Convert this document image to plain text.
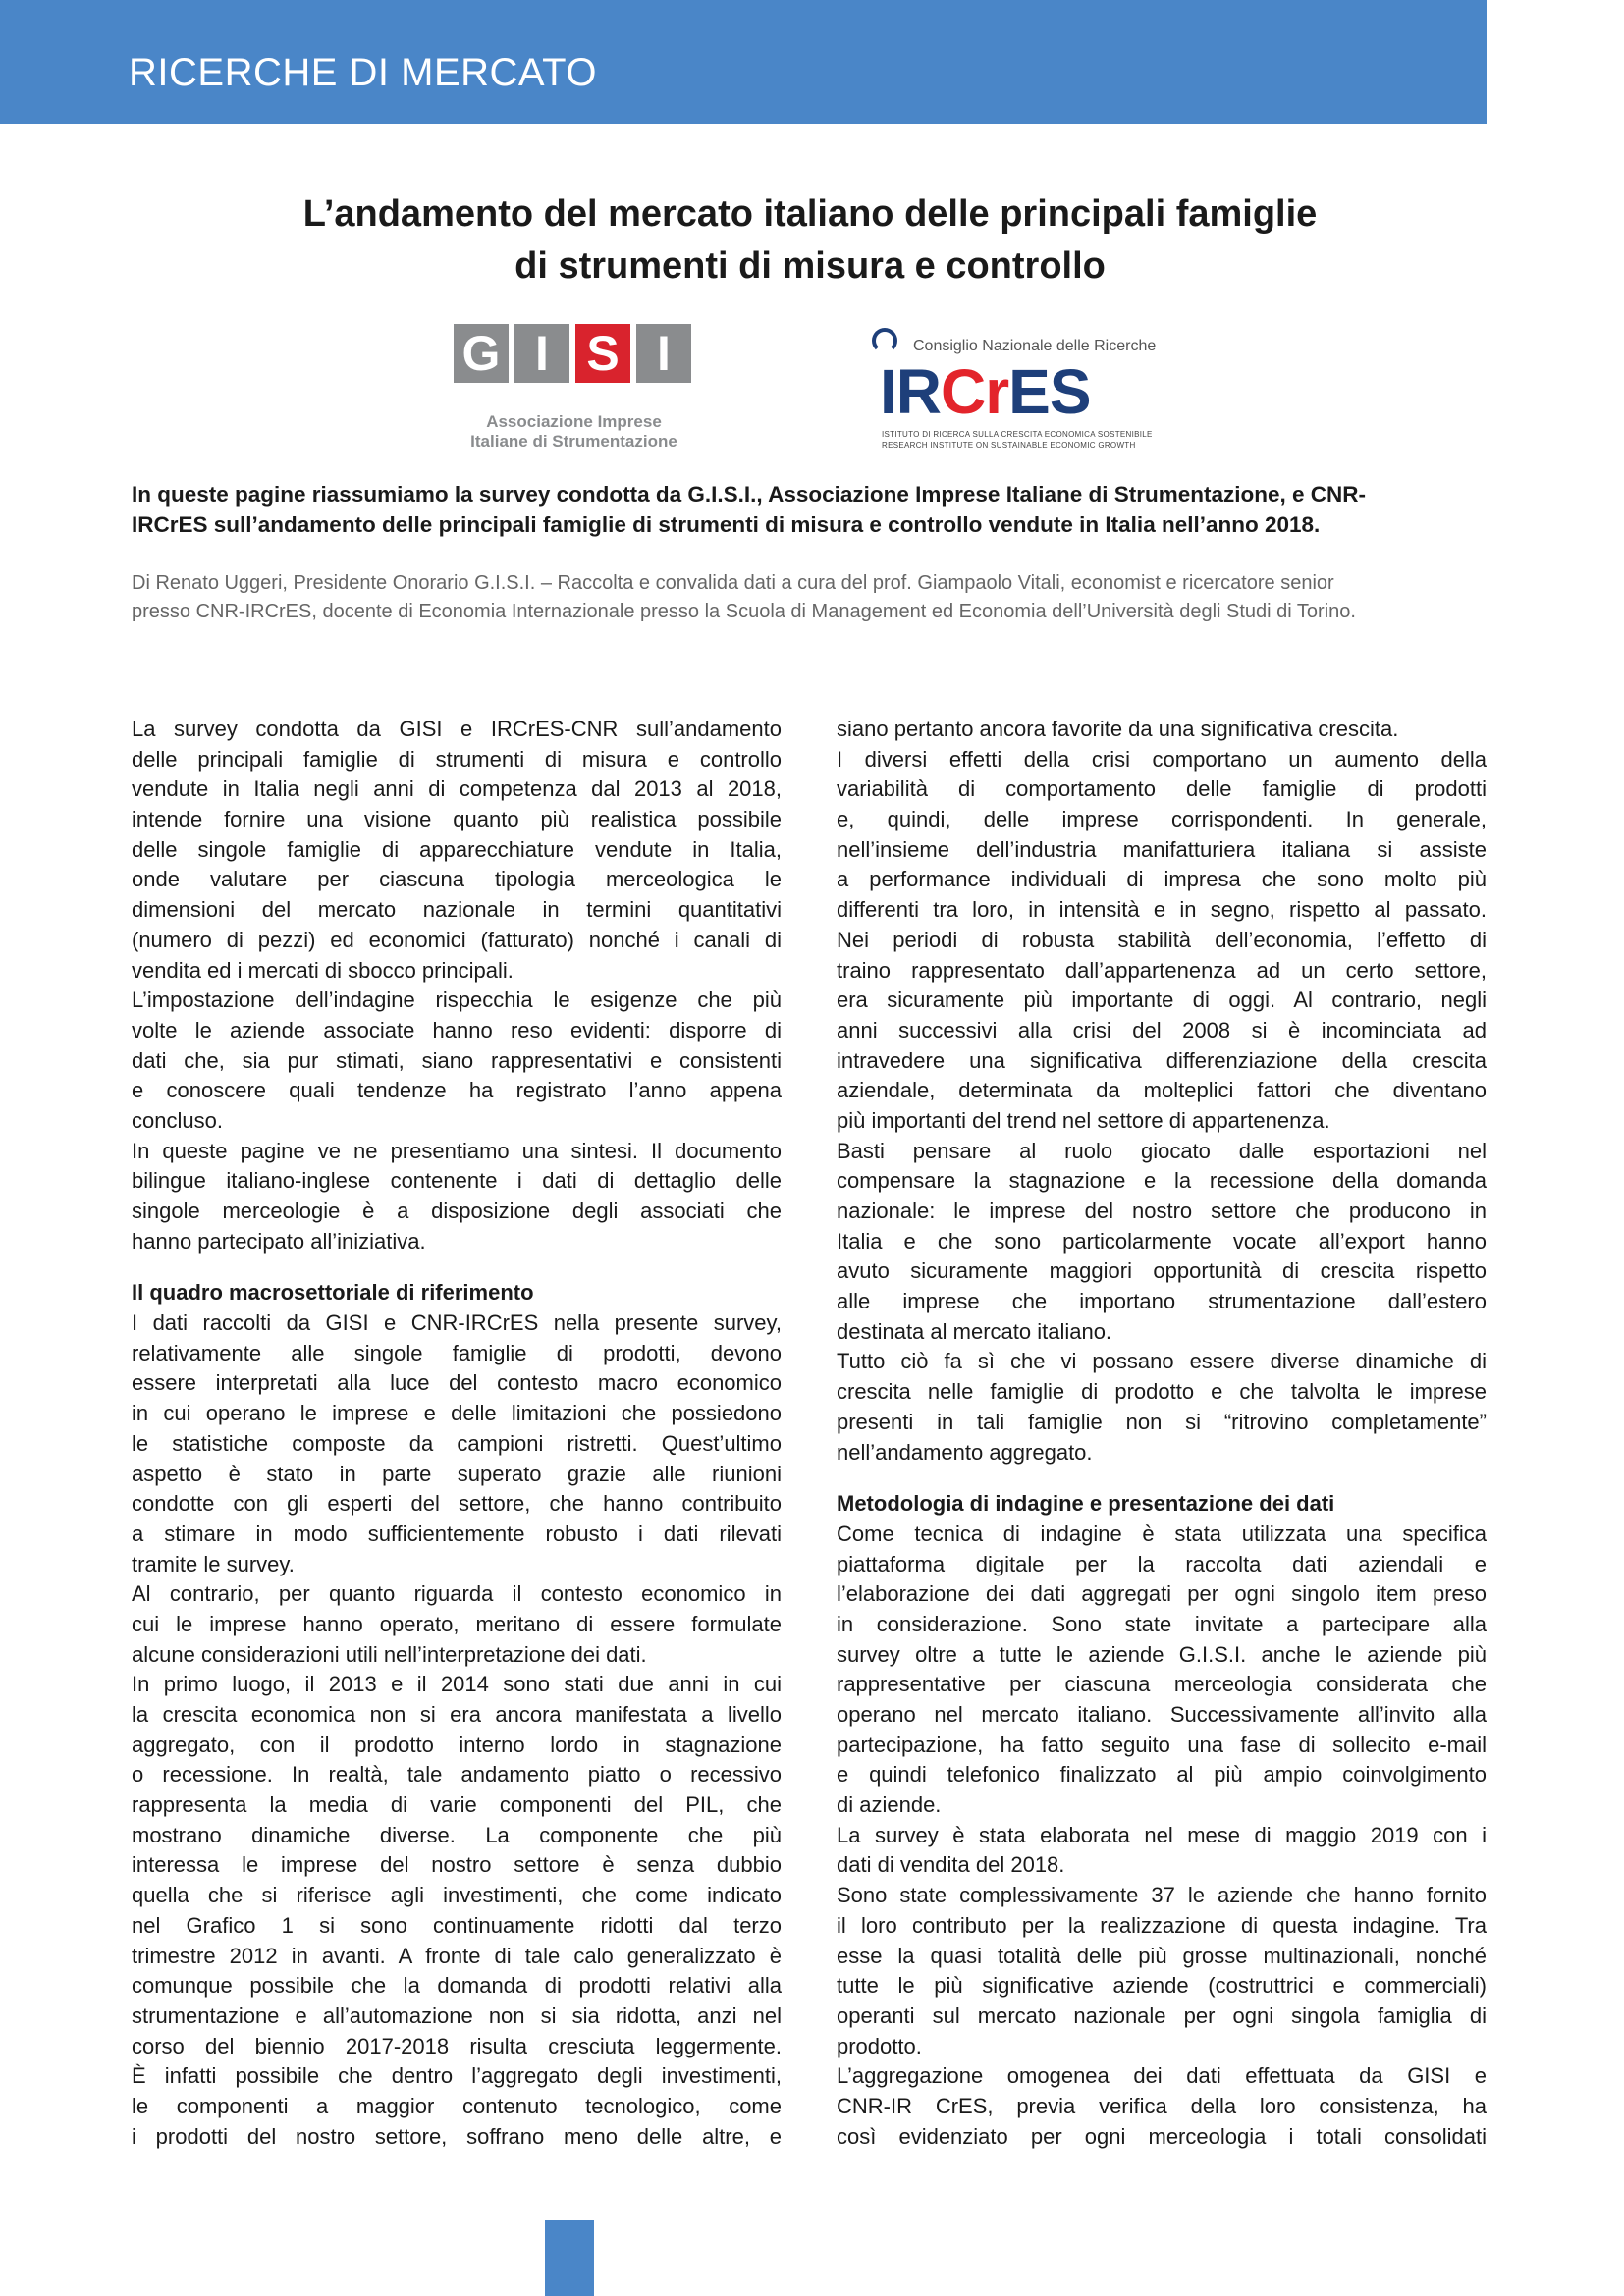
RICERCHE DI MERCATO
L’andamento del mercato italiano delle principali famiglie
di strumenti di misura e controllo
G I S I
Associazione Imprese
Italiane di Strumentazione
Consiglio Nazionale delle Ricerche
IRCrES
ISTITUTO DI RICERCA SULLA CRESCITA ECONOMICA SOSTENIBILE
RESEARCH INSTITUTE ON SUSTAINABLE ECONOMIC GROWTH
In queste pagine riassumiamo la survey condotta da G.I.S.I., Associazione Imprese Italiane di Strumentazione, e CNR-
IRCrES sull’andamento delle principali famiglie di strumenti di misura e controllo vendute in Italia nell’anno 2018.
Di Renato Uggeri, Presidente Onorario G.I.S.I. – Raccolta e convalida dati a cura del prof. Giampaolo Vitali, economist e ricercatore senior
presso CNR-IRCrES, docente di Economia Internazionale presso la Scuola di Management ed Economia dell’Università degli Studi di Torino.
La survey condotta da GISI e IRCrES-CNR sull’andamento
delle principali famiglie di strumenti di misura e controllo
vendute in Italia negli anni di competenza dal 2013 al 2018,
intende fornire una visione quanto più realistica possibile
delle singole famiglie di apparecchiature vendute in Italia,
onde valutare per ciascuna tipologia merceologica le
dimensioni del mercato nazionale in termini quantitativi
(numero di pezzi) ed economici (fatturato) nonché i canali di
vendita ed i mercati di sbocco principali.
L’impostazione dell’indagine rispecchia le esigenze che più
volte le aziende associate hanno reso evidenti: disporre di
dati che, sia pur stimati, siano rappresentativi e consistenti
e conoscere quali tendenze ha registrato l’anno appena
concluso.
In queste pagine ve ne presentiamo una sintesi. Il documento
bilingue italiano-inglese contenente i dati di dettaglio delle
singole merceologie è a disposizione degli associati che
hanno partecipato all’iniziativa.
Il quadro macrosettoriale di riferimento
I dati raccolti da GISI e CNR-IRCrES nella presente survey,
relativamente alle singole famiglie di prodotti, devono
essere interpretati alla luce del contesto macro economico
in cui operano le imprese e delle limitazioni che possiedono
le statistiche composte da campioni ristretti. Quest’ultimo
aspetto è stato in parte superato grazie alle riunioni
condotte con gli esperti del settore, che hanno contribuito
a stimare in modo sufficientemente robusto i dati rilevati
tramite le survey.
Al contrario, per quanto riguarda il contesto economico in
cui le imprese hanno operato, meritano di essere formulate
alcune considerazioni utili nell’interpretazione dei dati.
In primo luogo, il 2013 e il 2014 sono stati due anni in cui
la crescita economica non si era ancora manifestata a livello
aggregato, con il prodotto interno lordo in stagnazione
o recessione. In realtà, tale andamento piatto o recessivo
rappresenta la media di varie componenti del PIL, che
mostrano dinamiche diverse. La componente che più
interessa le imprese del nostro settore è senza dubbio
quella che si riferisce agli investimenti, che come indicato
nel Grafico 1 si sono continuamente ridotti dal terzo
trimestre 2012 in avanti. A fronte di tale calo generalizzato è
comunque possibile che la domanda di prodotti relativi alla
strumentazione e all’automazione non si sia ridotta, anzi nel
corso del biennio 2017-2018 risulta cresciuta leggermente.
È infatti possibile che dentro l’aggregato degli investimenti,
le componenti a maggior contenuto tecnologico, come
i prodotti del nostro settore, soffrano meno delle altre, e
siano pertanto ancora favorite da una significativa crescita.
I diversi effetti della crisi comportano un aumento della
variabilità di comportamento delle famiglie di prodotti
e, quindi, delle imprese corrispondenti. In generale,
nell’insieme dell’industria manifatturiera italiana si assiste
a performance individuali di impresa che sono molto più
differenti tra loro, in intensità e in segno, rispetto al passato.
Nei periodi di robusta stabilità dell’economia, l’effetto di
traino rappresentato dall’appartenenza ad un certo settore,
era sicuramente più importante di oggi. Al contrario, negli
anni successivi alla crisi del 2008 si è incominciata ad
intravedere una significativa differenziazione della crescita
aziendale, determinata da molteplici fattori che diventano
più importanti del trend nel settore di appartenenza.
Basti pensare al ruolo giocato dalle esportazioni nel
compensare la stagnazione e la recessione della domanda
nazionale: le imprese del nostro settore che producono in
Italia e che sono particolarmente vocate all’export hanno
avuto sicuramente maggiori opportunità di crescita rispetto
alle imprese che importano strumentazione dall’estero
destinata al mercato italiano.
Tutto ciò fa sì che vi possano essere diverse dinamiche di
crescita nelle famiglie di prodotto e che talvolta le imprese
presenti in tali famiglie non si “ritrovino completamente”
nell’andamento aggregato.
Metodologia di indagine e presentazione dei dati
Come tecnica di indagine è stata utilizzata una specifica
piattaforma digitale per la raccolta dati aziendali e
l’elaborazione dei dati aggregati per ogni singolo item preso
in considerazione. Sono state invitate a partecipare alla
survey oltre a tutte le aziende G.I.S.I. anche le aziende più
rappresentative per ciascuna merceologia considerata che
operano nel mercato italiano. Successivamente all’invito alla
partecipazione, ha fatto seguito una fase di sollecito e-mail
e quindi telefonico finalizzato al più ampio coinvolgimento
di aziende.
La survey è stata elaborata nel mese di maggio 2019 con i
dati di vendita del 2018.
Sono state complessivamente 37 le aziende che hanno fornito
il loro contributo per la realizzazione di questa indagine. Tra
esse la quasi totalità delle più grosse multinazionali, nonché
tutte le più significative aziende (costruttrici e commerciali)
operanti sul mercato nazionale per ogni singola famiglia di
prodotto.
L’aggregazione omogenea dei dati effettuata da GISI e
CNR-IR CrES, previa verifica della loro consistenza, ha
così evidenziato per ogni merceologia i totali consolidati
